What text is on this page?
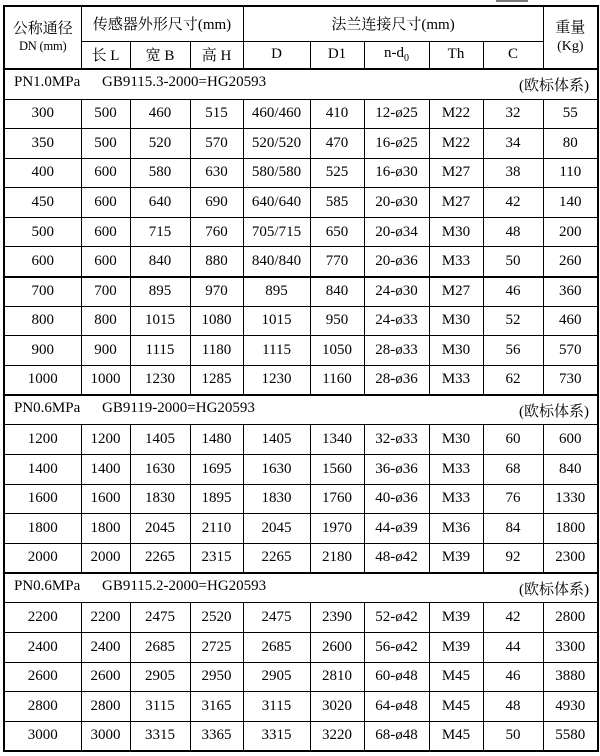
公称通径
DN (mm)
	传感器外形尺寸(mm)	法兰连接尺寸(mm)	重量
(Kg)

	长 L	宽 B	高 H	D	D1	$n-d_0$	Th	C	
PN1.0MPa (欧标体系)
GB9115.3-2000=HG20593									
300	500	460	515	460/460	410	12-ø25	M22	32	55
350	500	520	570	520/520	470	16-ø25	M22	34	80
400	600	580	630	580/580	525	16-ø30	M27	38	110
450	600	640	690	640/640	585	20-ø30	M27	42	140
500	600	715	760	705/715	650	20-ø34	M30	48	200
600	600	840	880	840/840	770	20-ø36	M33	50	260
700	700	895	970	895	840	24-ø30	M27	46	360
800	800	1015	1080	1015	950	24-ø33	M30	52	460
900	900	1115	1180	1115	1050	28-ø33	M30	56	570
1000	1000	1230	1285	1230	1160	28-ø36	M33	62	730
PN0.6MPa (欧标体系)
GB9119-2000=HG20593									
1200	1200	1405	1480	1405	1340	32-ø33	M30	60	600
1400	1400	1630	1695	1630	1560	36-ø36	M33	68	840
1600	1600	1830	1895	1830	1760	40-ø36	M33	76	1330
1800	1800	2045	2110	2045	1970	44-ø39	M36	84	1800
2000	2000	2265	2315	2265	2180	48-ø42	M39	92	2300
PN0.6MPa (欧标体系)
GB9115.2-2000=HG20593									
2200	2200	2475	2520	2475	2390	52-ø42	M39	42	2800
2400	2400	2685	2725	2685	2600	56-ø42	M39	44	3300
2600	2600	2905	2950	2905	2810	60-ø48	M45	46	3880
2800	2800	3115	3165	3115	3020	64-ø48	M45	48	4930
3000	3000	3315	3365	3315	3220	68-ø48	M45	50	5580
